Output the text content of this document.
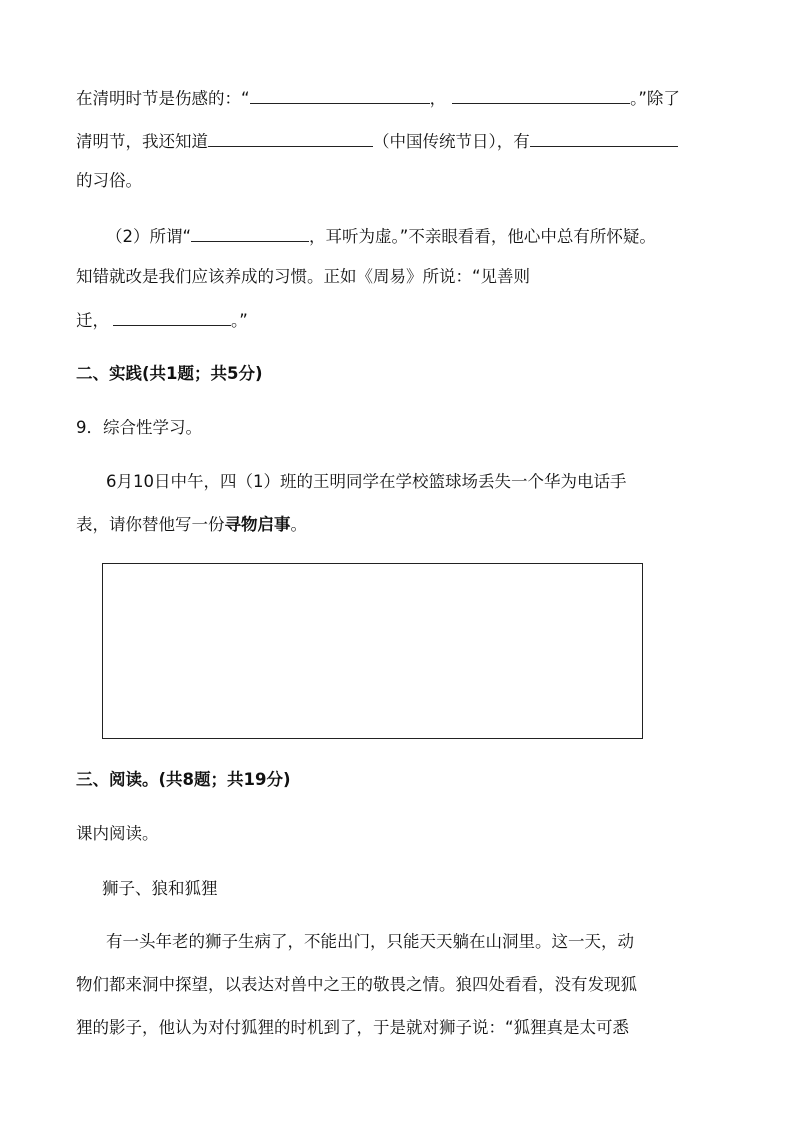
在清明时节是伤感的：“	，	。”除了
清明节，我还知道	（中国传统节日），有
的习俗。
（2）所谓“	，耳听为虚。”不亲眼看看，他心中总有所怀疑。
知错就改是我们应该养成的习惯。正如《周易》所说：“见善则
迁，	。”
二、实践(共1题；共5分)
9．综合性学习。
6月10日中午，四（1）班的王明同学在学校篮球场丢失一个华为电话手
表，请你替他写一份寻物启事。
三、阅读。(共8题；共19分)
课内阅读。
狮子、狼和狐狸
有一头年老的狮子生病了，不能出门，只能天天躺在山洞里。这一天，动
物们都来洞中探望，以表达对兽中之王的敬畏之情。狼四处看看，没有发现狐
狸的影子，他认为对付狐狸的时机到了，于是就对狮子说：“狐狸真是太可悉
